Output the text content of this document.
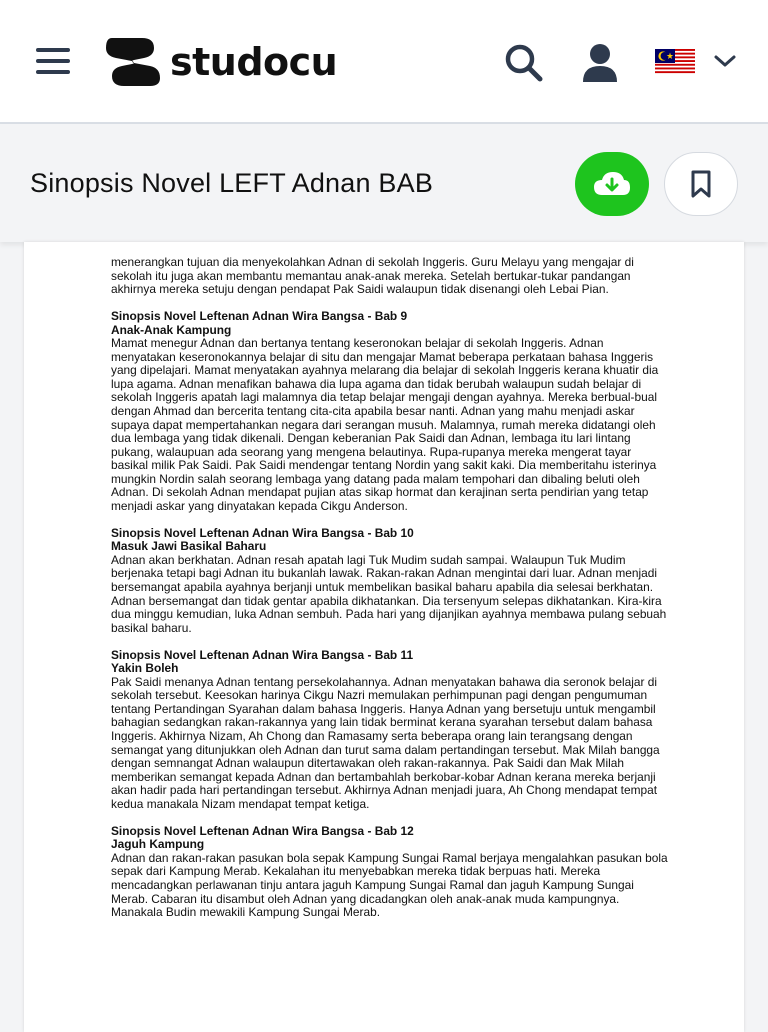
studocu
Sinopsis Novel LEFT Adnan BAB

menerangkan tujuan dia menyekolahkan Adnan di sekolah Inggeris. Guru Melayu yang mengajar di sekolah itu juga akan membantu memantau anak-anak mereka. Setelah bertukar-tukar pandangan akhirnya mereka setuju dengan pendapat Pak Saidi walaupun tidak disenangi oleh Lebai Pian.

Sinopsis Novel Leftenan Adnan Wira Bangsa - Bab 9
Anak-Anak Kampung

Mamat menegur Adnan dan bertanya tentang keseronokan belajar di sekolah Inggeris. Adnan menyatakan keseronokannya belajar di situ dan mengajar Mamat beberapa perkataan bahasa Inggeris yang dipelajari. Mamat menyatakan ayahnya melarang dia belajar di sekolah Inggeris kerana khuatir dia lupa agama. Adnan menafikan bahawa dia lupa agama dan tidak berubah walaupun sudah belajar di sekolah Inggeris apatah lagi malamnya dia tetap belajar mengaji dengan ayahnya. Mereka berbual-bual dengan Ahmad dan bercerita tentang cita-cita apabila besar nanti. Adnan yang mahu menjadi askar supaya dapat mempertahankan negara dari serangan musuh. Malamnya, rumah mereka didatangi oleh dua lembaga yang tidak dikenali. Dengan keberanian Pak Saidi dan Adnan, lembaga itu lari lintang pukang, walaupuan ada seorang yang mengena belautinya. Rupa-rupanya mereka mengerat tayar basikal milik Pak Saidi. Pak Saidi mendengar tentang Nordin yang sakit kaki. Dia memberitahu isterinya mungkin Nordin salah seorang lembaga yang datang pada malam tempohari dan dibaling beluti oleh Adnan. Di sekolah Adnan mendapat pujian atas sikap hormat dan kerajinan serta pendirian yang tetap menjadi askar yang dinyatakan kepada Cikgu Anderson.

Sinopsis Novel Leftenan Adnan Wira Bangsa - Bab 10
Masuk Jawi Basikal Baharu

Adnan akan berkhatan. Adnan resah apatah lagi Tuk Mudim sudah sampai. Walaupun Tuk Mudim berjenaka tetapi bagi Adnan itu bukanlah lawak. Rakan-rakan Adnan mengintai dari luar. Adnan menjadi bersemangat apabila ayahnya berjanji untuk membelikan basikal baharu apabila dia selesai berkhatan. Adnan bersemangat dan tidak gentar apabila dikhatankan. Dia tersenyum selepas dikhatankan. Kira-kira dua minggu kemudian, luka Adnan sembuh. Pada hari yang dijanjikan ayahnya membawa pulang sebuah basikal baharu.

Sinopsis Novel Leftenan Adnan Wira Bangsa - Bab 11
Yakin Boleh

Pak Saidi menanya Adnan tentang persekolahannya. Adnan menyatakan bahawa dia seronok belajar di sekolah tersebut. Keesokan harinya Cikgu Nazri memulakan perhimpunan pagi dengan pengumuman tentang Pertandingan Syarahan dalam bahasa Inggeris. Hanya Adnan yang bersetuju untuk mengambil bahagian sedangkan rakan-rakannya yang lain tidak berminat kerana syarahan tersebut dalam bahasa Inggeris. Akhirnya Nizam, Ah Chong dan Ramasamy serta beberapa orang lain terangsang dengan semangat yang ditunjukkan oleh Adnan dan turut sama dalam pertandingan tersebut. Mak Milah bangga dengan semnangat Adnan walaupun ditertawakan oleh rakan-rakannya. Pak Saidi dan Mak Milah memberikan semangat kepada Adnan dan bertambahlah berkobar-kobar Adnan kerana mereka berjanji akan hadir pada hari pertandingan tersebut. Akhirnya Adnan menjadi juara, Ah Chong mendapat tempat kedua manakala Nizam mendapat tempat ketiga.

Sinopsis Novel Leftenan Adnan Wira Bangsa - Bab 12
Jaguh Kampung

Adnan dan rakan-rakan pasukan bola sepak Kampung Sungai Ramal berjaya mengalahkan pasukan bola sepak dari Kampung Merab. Kekalahan itu menyebabkan mereka tidak berpuas hati. Mereka mencadangkan perlawanan tinju antara jaguh Kampung Sungai Ramal dan jaguh Kampung Sungai Merab. Cabaran itu disambut oleh Adnan yang dicadangkan oleh anak-anak muda kampungnya. Manakala Budin mewakili Kampung Sungai Merab.
